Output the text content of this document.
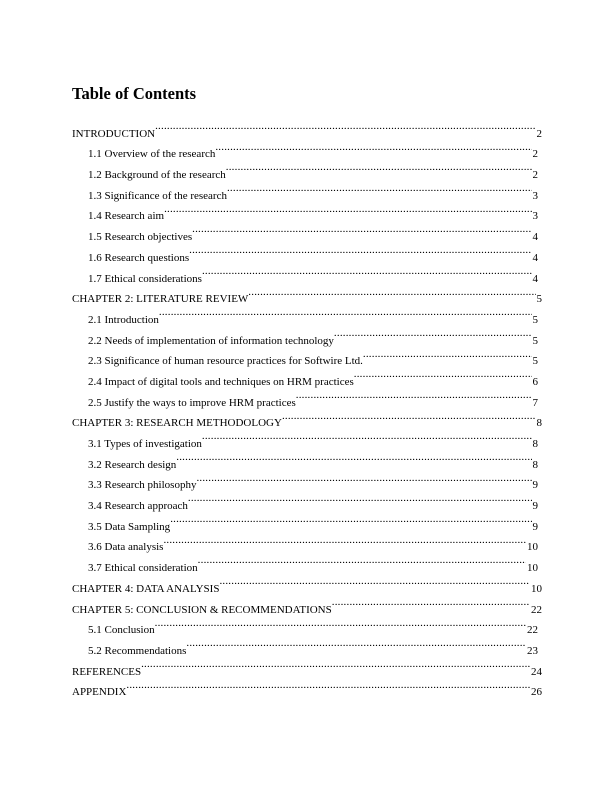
Table of Contents
INTRODUCTION .....	2
1.1 Overview of the research .....	2
1.2 Background of the research .....	2
1.3 Significance of the research .....	3
1.4 Research aim .....	3
1.5 Research objectives .....	4
1.6 Research questions .....	4
1.7 Ethical considerations .....	4
CHAPTER 2: LITERATURE REVIEW .....	5
2.1 Introduction .....	5
2.2 Needs of implementation of information technology .....	5
2.3 Significance of human resource practices for Softwire Ltd. .....	5
2.4 Impact of digital tools and techniques on HRM practices .....	6
2.5 Justify the ways to improve HRM practices .....	7
CHAPTER 3: RESEARCH METHODOLOGY .....	8
3.1 Types of investigation .....	8
3.2 Research design .....	8
3.3 Research philosophy .....	9
3.4 Research approach .....	9
3.5 Data Sampling .....	9
3.6 Data analysis .....	10
3.7 Ethical consideration .....	10
CHAPTER 4: DATA ANALYSIS .....	10
CHAPTER 5: CONCLUSION & RECOMMENDATIONS .....	22
5.1 Conclusion .....	22
5.2 Recommendations .....	23
REFERENCES .....	24
APPENDIX .....	26
